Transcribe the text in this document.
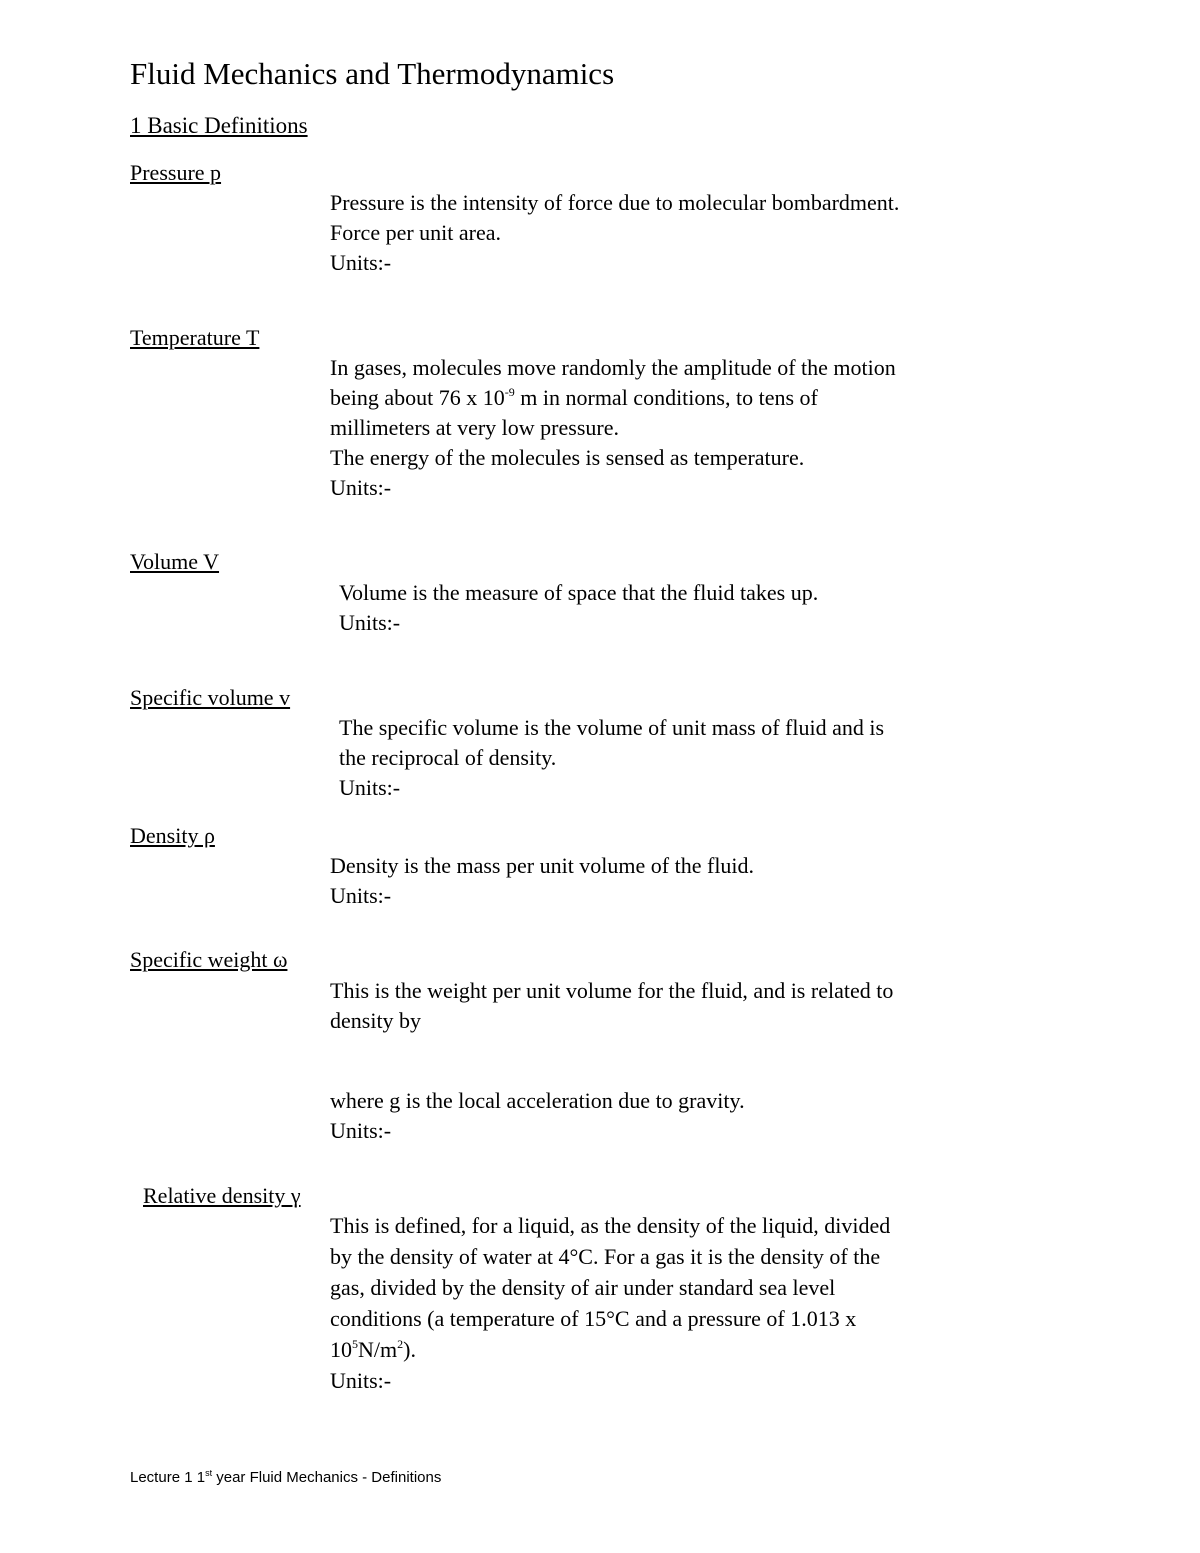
Fluid Mechanics and Thermodynamics
1 Basic Definitions
Pressure p
Pressure is the intensity of force due to molecular bombardment.
Force per unit area.
Units:-
Temperature T
In gases, molecules move randomly the amplitude of the motion
being about 76 x $10^{-9}$ m in normal conditions, to tens of
millimeters at very low pressure.
The energy of the molecules is sensed as temperature.
Units:-
Volume V
Volume is the measure of space that the fluid takes up.
Units:-
Specific volume v
The specific volume is the volume of unit mass of fluid and is
the reciprocal of density.
Units:-
Density ρ
Density is the mass per unit volume of the fluid.
Units:-
Specific weight ω
This is the weight per unit volume for the fluid, and is related to
density by
where g is the local acceleration due to gravity.
Units:-
Relative density γ
This is defined, for a liquid, as the density of the liquid, divided
by the density of water at 4°C. For a gas it is the density of the
gas, divided by the density of air under standard sea level
conditions (a temperature of 15°C and a pressure of 1.013 x
$10^5N/m^2$).
Units:-
Lecture 1 1st year Fluid Mechanics - Definitions
